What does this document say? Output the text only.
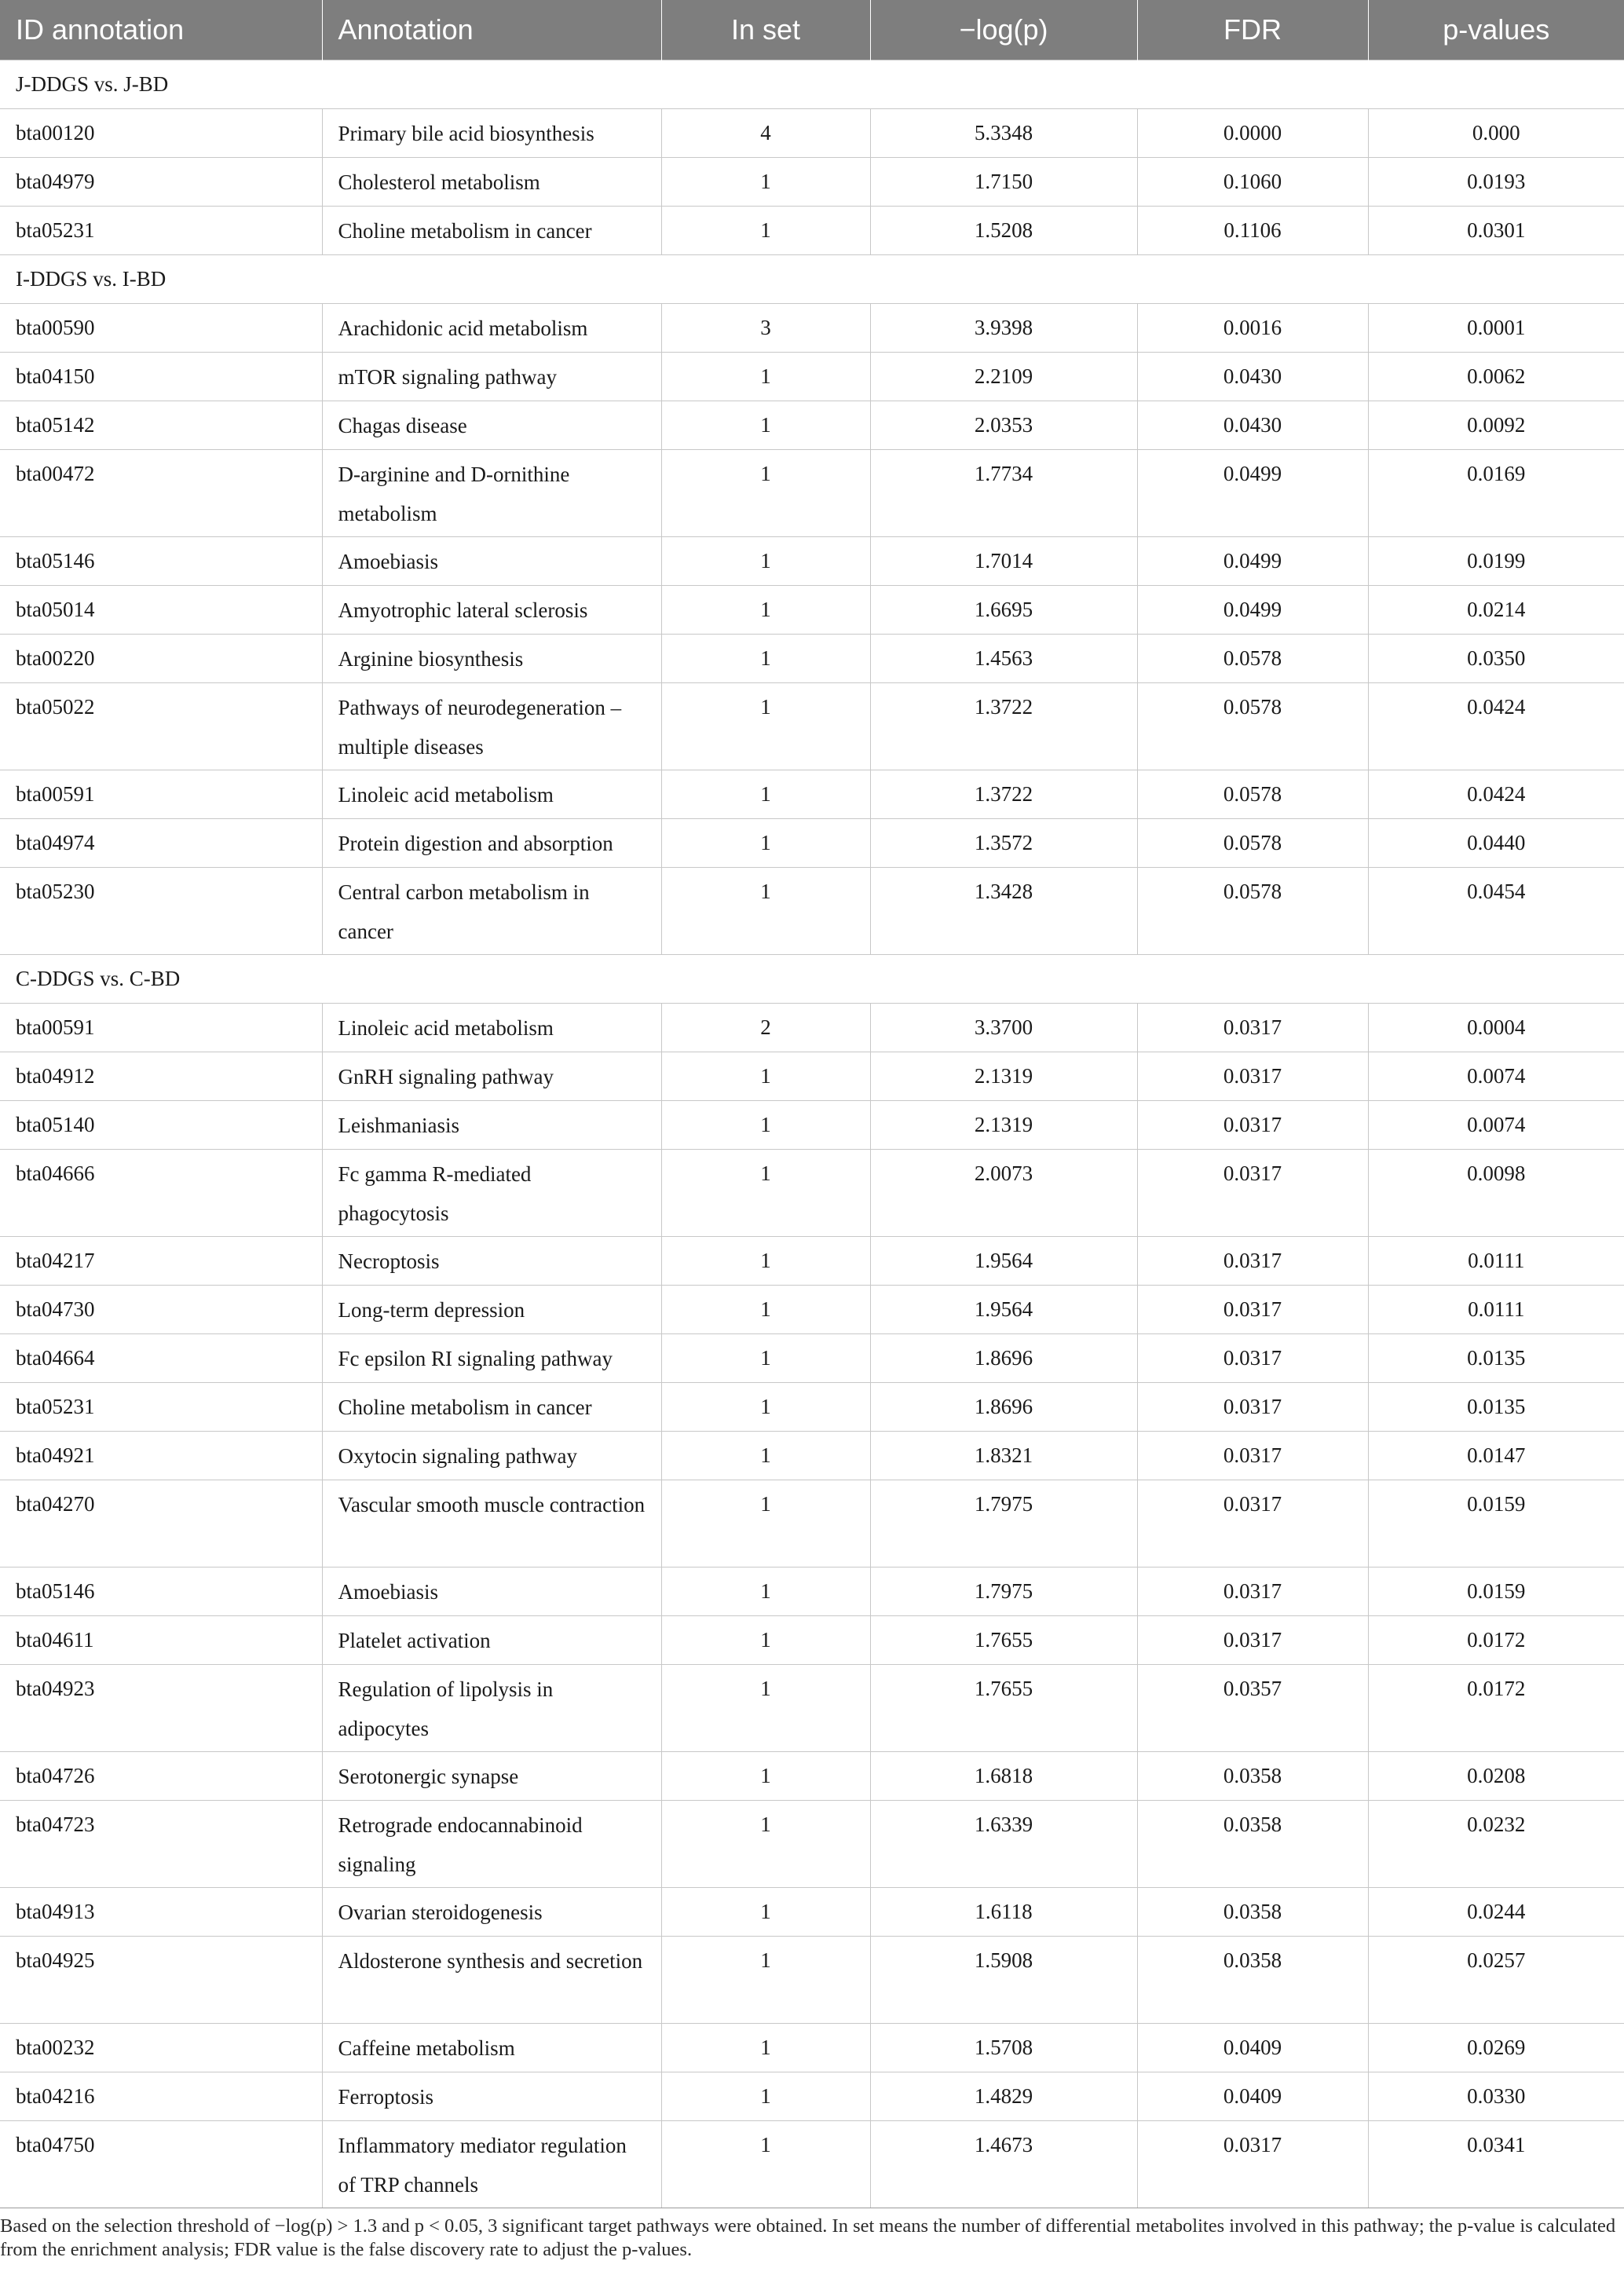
ID annotation	Annotation	In set	−log(p)	FDR	p-values
J-DDGS vs. J-BD					
bta00120	Primary bile acid biosynthesis	4	5.3348	0.0000	0.000
bta04979	Cholesterol metabolism	1	1.7150	0.1060	0.0193
bta05231	Choline metabolism in cancer	1	1.5208	0.1106	0.0301
I-DDGS vs. I-BD					
bta00590	Arachidonic acid metabolism	3	3.9398	0.0016	0.0001
bta04150	mTOR signaling pathway	1	2.2109	0.0430	0.0062
bta05142	Chagas disease	1	2.0353	0.0430	0.0092
bta00472	D-arginine and D-ornithine metabolism	1	1.7734	0.0499	0.0169
bta05146	Amoebiasis	1	1.7014	0.0499	0.0199
bta05014	Amyotrophic lateral sclerosis	1	1.6695	0.0499	0.0214
bta00220	Arginine biosynthesis	1	1.4563	0.0578	0.0350
bta05022	Pathways of neurodegeneration – multiple diseases	1	1.3722	0.0578	0.0424
bta00591	Linoleic acid metabolism	1	1.3722	0.0578	0.0424
bta04974	Protein digestion and absorption	1	1.3572	0.0578	0.0440
bta05230	Central carbon metabolism in cancer	1	1.3428	0.0578	0.0454
C-DDGS vs. C-BD					
bta00591	Linoleic acid metabolism	2	3.3700	0.0317	0.0004
bta04912	GnRH signaling pathway	1	2.1319	0.0317	0.0074
bta05140	Leishmaniasis	1	2.1319	0.0317	0.0074
bta04666	Fc gamma R-mediated phagocytosis	1	2.0073	0.0317	0.0098
bta04217	Necroptosis	1	1.9564	0.0317	0.0111
bta04730	Long-term depression	1	1.9564	0.0317	0.0111
bta04664	Fc epsilon RI signaling pathway	1	1.8696	0.0317	0.0135
bta05231	Choline metabolism in cancer	1	1.8696	0.0317	0.0135
bta04921	Oxytocin signaling pathway	1	1.8321	0.0317	0.0147
bta04270	Vascular smooth muscle contraction	1	1.7975	0.0317	0.0159
bta05146	Amoebiasis	1	1.7975	0.0317	0.0159
bta04611	Platelet activation	1	1.7655	0.0317	0.0172
bta04923	Regulation of lipolysis in adipocytes	1	1.7655	0.0357	0.0172
bta04726	Serotonergic synapse	1	1.6818	0.0358	0.0208
bta04723	Retrograde endocannabinoid signaling	1	1.6339	0.0358	0.0232
bta04913	Ovarian steroidogenesis	1	1.6118	0.0358	0.0244
bta04925	Aldosterone synthesis and secretion	1	1.5908	0.0358	0.0257
bta00232	Caffeine metabolism	1	1.5708	0.0409	0.0269
bta04216	Ferroptosis	1	1.4829	0.0409	0.0330
bta04750	Inflammatory mediator regulation of TRP channels	1	1.4673	0.0317	0.0341
Based on the selection threshold of −log(p) > 1.3 and p < 0.05, 3 significant target pathways were obtained. In set means the number of differential metabolites involved in this pathway; the p-value is calculated from the enrichment analysis; FDR value is the false discovery rate to adjust the p-values.
